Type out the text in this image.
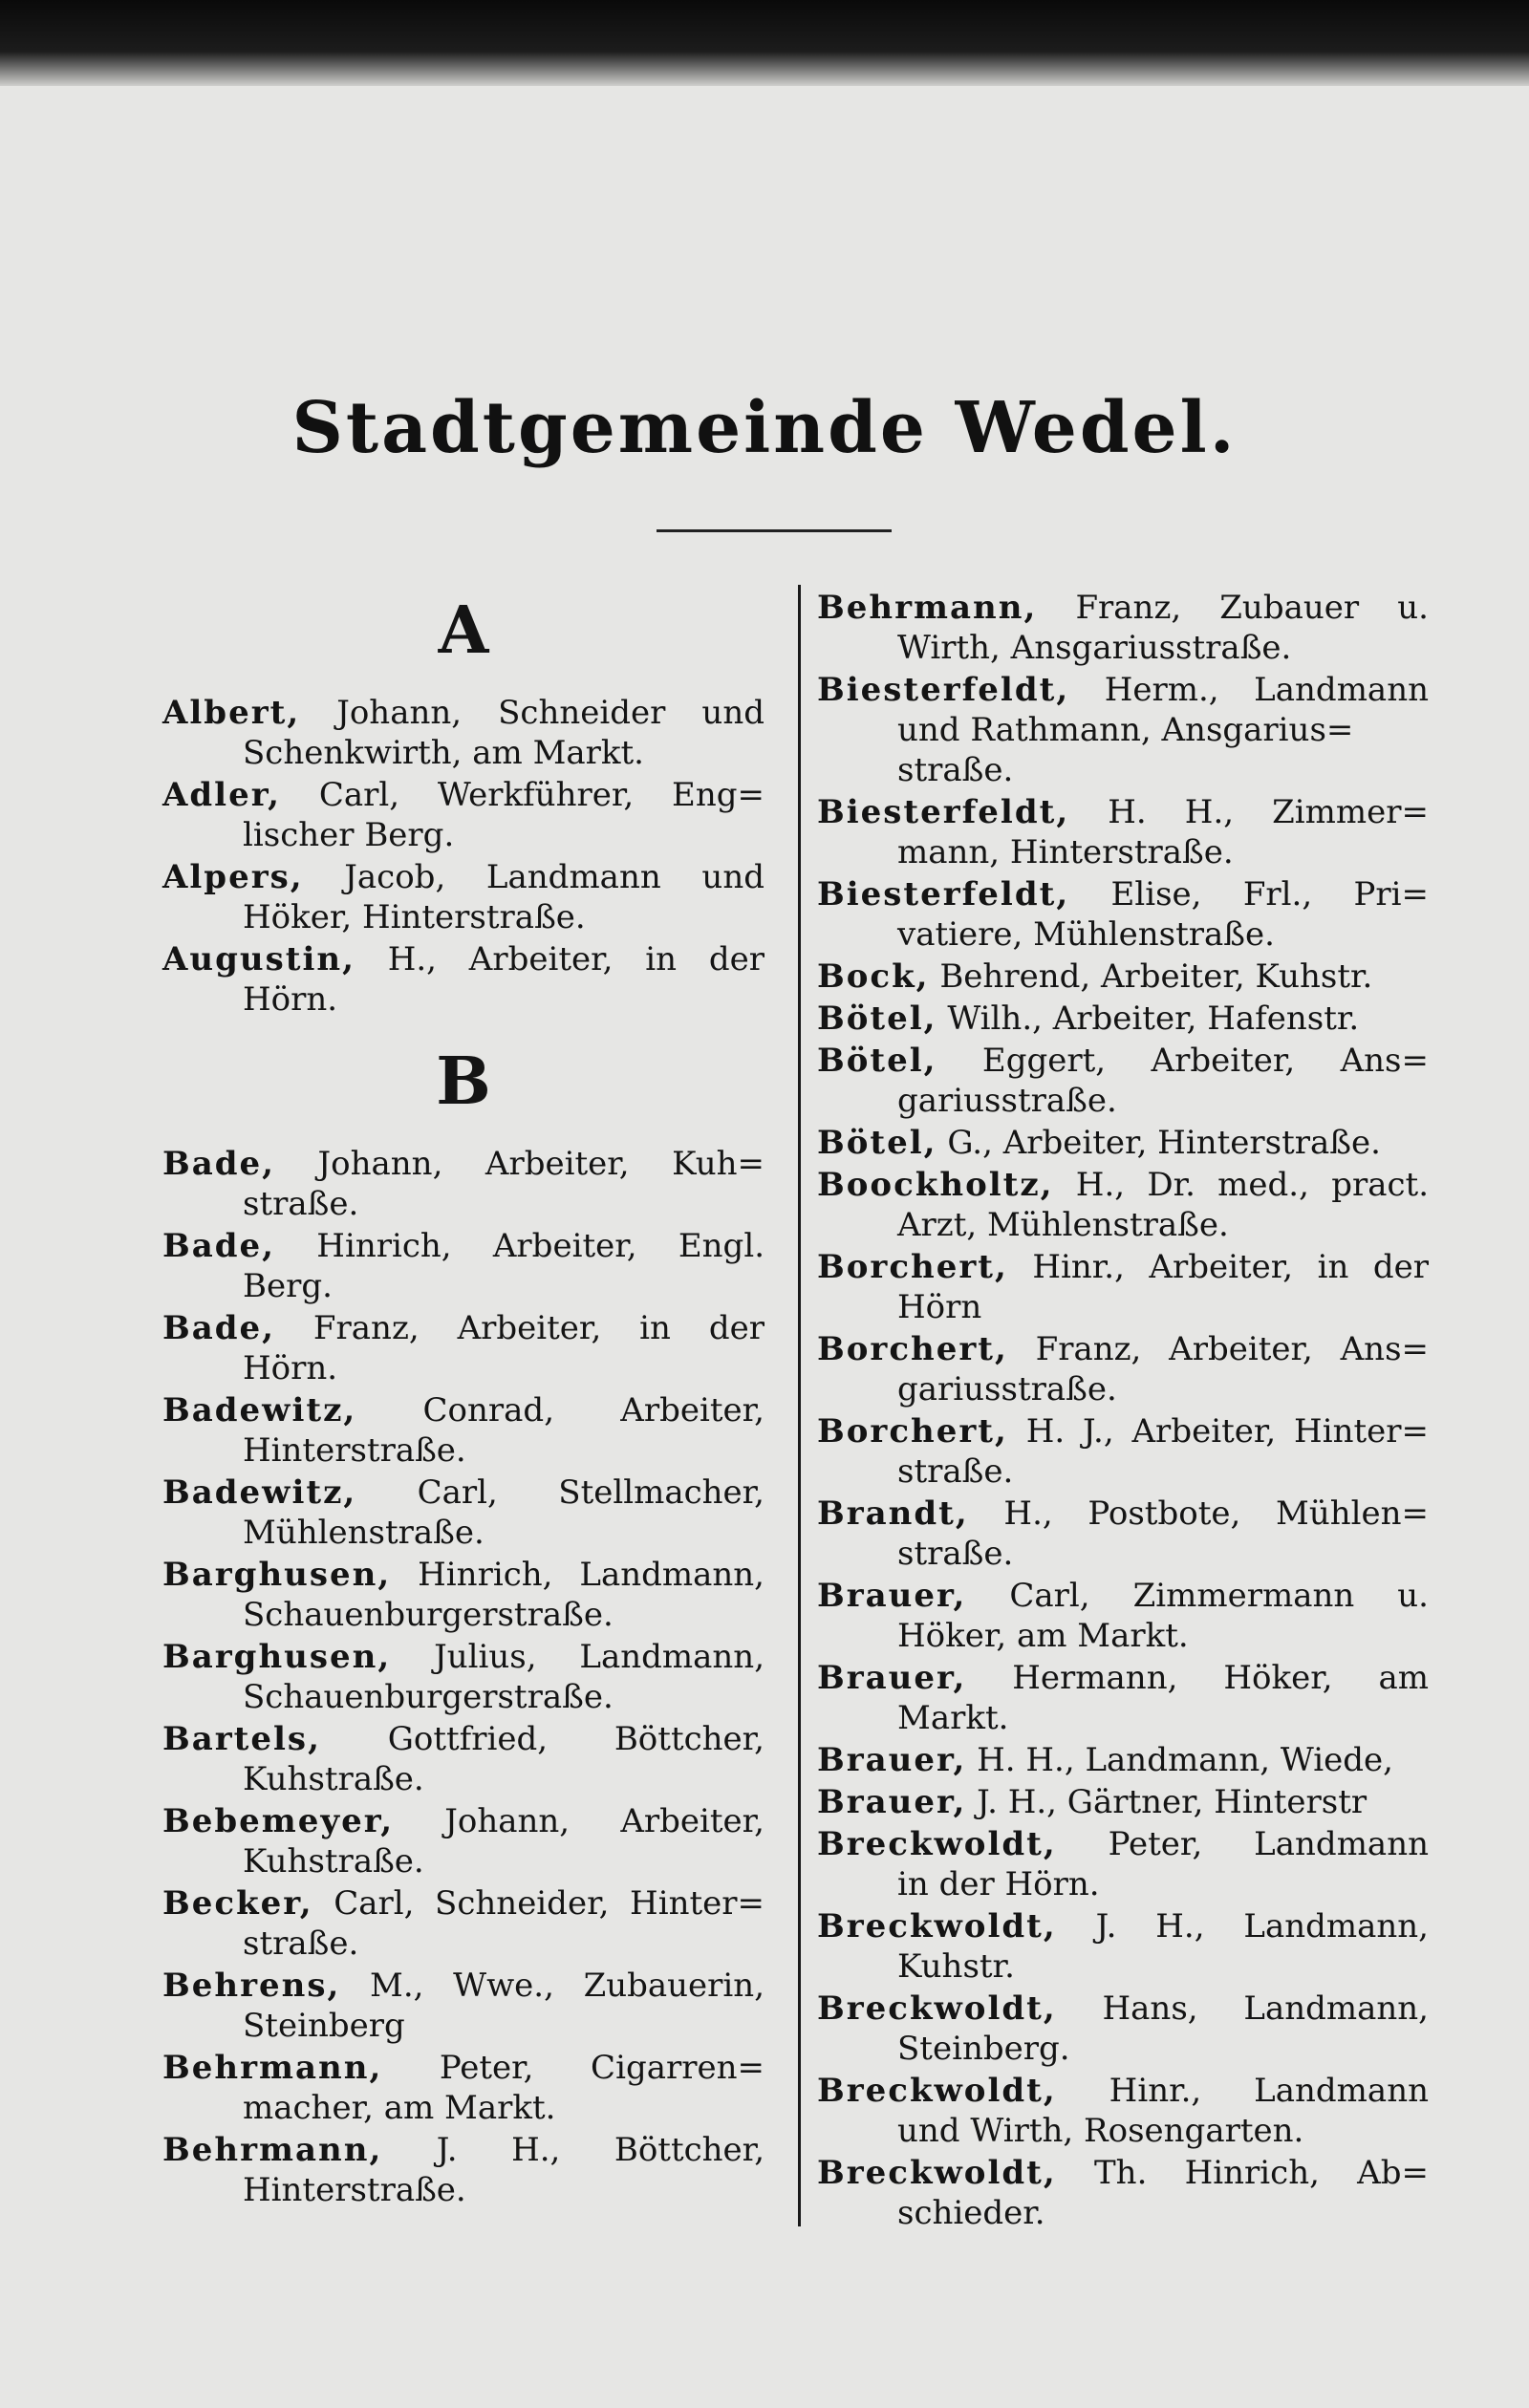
Stadtgemeinde Wedel.
A
Albert, Johann, Schneider und
Schenkwirth, am Markt.
Adler, Carl, Werkführer, Eng=
lischer Berg.
Alpers, Jacob, Landmann und
Höker, Hinterstraße.
Augustin, H., Arbeiter, in der
Hörn.
B
Bade, Johann, Arbeiter, Kuh=
straße.
Bade, Hinrich, Arbeiter, Engl.
Berg.
Bade, Franz, Arbeiter, in der
Hörn.
Badewitz, Conrad, Arbeiter,
Hinterstraße.
Badewitz, Carl, Stellmacher,
Mühlenstraße.
Barghusen, Hinrich, Landmann,
Schauenburgerstraße.
Barghusen, Julius, Landmann,
Schauenburgerstraße.
Bartels, Gottfried, Böttcher,
Kuhstraße.
Bebemeyer, Johann, Arbeiter,
Kuhstraße.
Becker, Carl, Schneider, Hinter=
straße.
Behrens, M., Wwe., Zubauerin,
Steinberg
Behrmann, Peter, Cigarren=
macher, am Markt.
Behrmann, J. H., Böttcher,
Hinterstraße.
Behrmann, Franz, Zubauer u.
Wirth, Ansgariusstraße.
Biesterfeldt, Herm., Landmann
und Rathmann, Ansgarius=
straße.
Biesterfeldt, H. H., Zimmer=
mann, Hinterstraße.
Biesterfeldt, Elise, Frl., Pri=
vatiere, Mühlenstraße.
Bock, Behrend, Arbeiter, Kuhstr.
Bötel, Wilh., Arbeiter, Hafenstr.
Bötel, Eggert, Arbeiter, Ans=
gariusstraße.
Bötel, G., Arbeiter, Hinterstraße.
Boockholtz, H., Dr. med., pract.
Arzt, Mühlenstraße.
Borchert, Hinr., Arbeiter, in der
Hörn
Borchert, Franz, Arbeiter, Ans=
gariusstraße.
Borchert, H. J., Arbeiter, Hinter=
straße.
Brandt, H., Postbote, Mühlen=
straße.
Brauer, Carl, Zimmermann u.
Höker, am Markt.
Brauer, Hermann, Höker, am
Markt.
Brauer, H. H., Landmann, Wiede,
Brauer, J. H., Gärtner, Hinterstr
Breckwoldt, Peter, Landmann
in der Hörn.
Breckwoldt, J. H., Landmann,
Kuhstr.
Breckwoldt, Hans, Landmann,
Steinberg.
Breckwoldt, Hinr., Landmann
und Wirth, Rosengarten.
Breckwoldt, Th. Hinrich, Ab=
schieder.
